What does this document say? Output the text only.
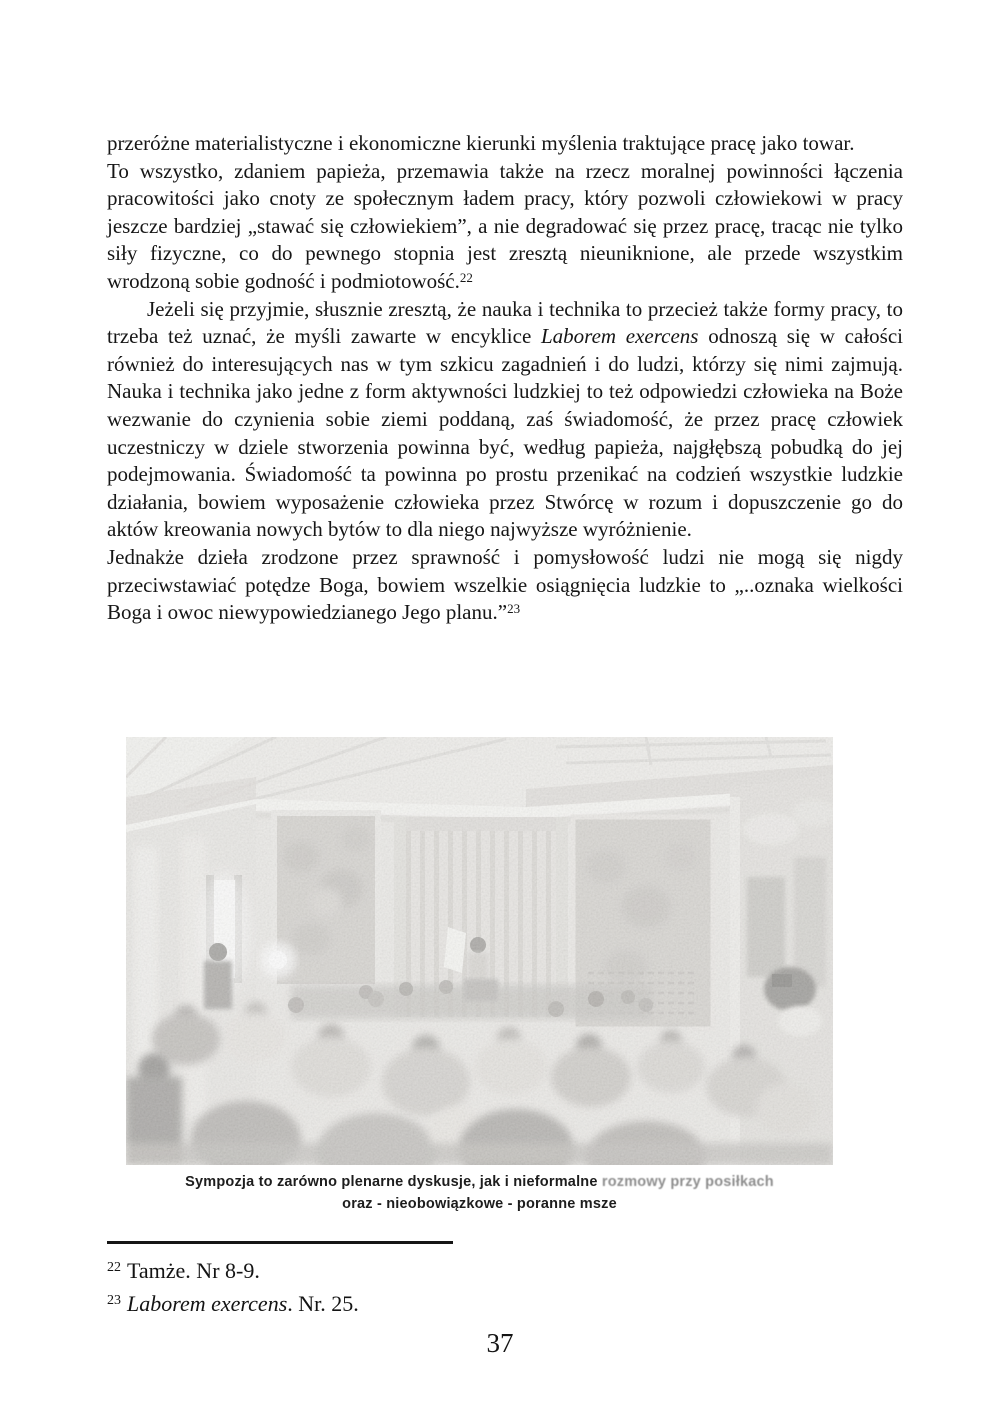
przeróżne materialistyczne i ekonomiczne kierunki myślenia traktujące pracę jako towar.

To wszystko, zdaniem papieża, przemawia także na rzecz moralnej powinności łączenia pracowitości jako cnoty ze społecznym ładem pracy, który pozwoli człowiekowi w pracy jeszcze bardziej „stawać się człowiekiem”, a nie degradować się przez pracę, tracąc nie tylko siły fizyczne, co do pewnego stopnia jest zresztą nieuniknione, ale przede wszystkim wrodzoną sobie godność i podmiotowość.$^{22}$

Jeżeli się przyjmie, słusznie zresztą, że nauka i technika to przecież także formy pracy, to trzeba też uznać, że myśli zawarte w encyklice Laborem exercens odnoszą się w całości również do interesujących nas w tym szkicu zagadnień i do ludzi, którzy się nimi zajmują. Nauka i technika jako jedne z form aktywności ludzkiej to też odpowiedzi człowieka na Boże wezwanie do czynienia sobie ziemi poddaną, zaś świadomość, że przez pracę człowiek uczestniczy w dziele stworzenia powinna być, według papieża, najgłębszą pobudką do jej podejmowania. Świadomość ta powinna po prostu przenikać na codzień wszystkie ludzkie działania, bowiem wyposażenie człowieka przez Stwórcę w rozum i dopuszczenie go do aktów kreowania nowych bytów to dla niego najwyższe wyróżnienie.

Jednakże dzieła zrodzone przez sprawność i pomysłowość ludzi nie mogą się nigdy przeciwstawiać potędze Boga, bowiem wszelkie osiągnięcia ludzkie to „..oznaka wielkości Boga i owoc niewypowiedzianego Jego planu.”$^{23}$

Sympozja to zarówno plenarne dyskusje, jak i nieformalne rozmowy przy posiłkach
oraz - nieobowiązkowe - poranne msze

$^{22}$ Tamże. Nr 8-9.

$^{23}$ Laborem exercens. Nr. 25.

37
